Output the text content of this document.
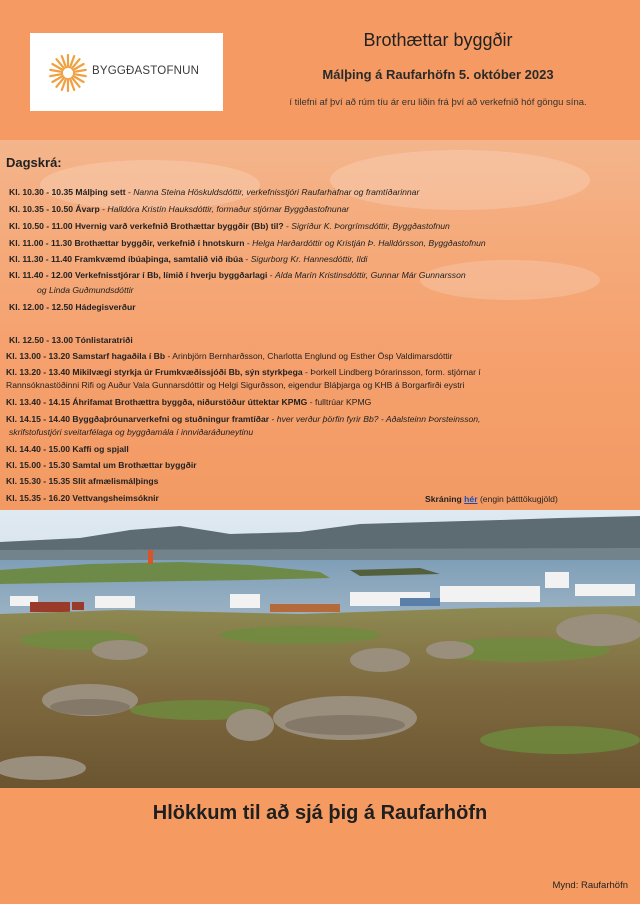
BYGGÐASTOFNUN
Brothættar byggðir
Málþing á Raufarhöfn 5. október 2023
í tilefni af því að rúm tíu ár eru liðin frá því að verkefnið hóf göngu sína.
Dagskrá:
Kl. 10.30 - 10.35 Málþing sett - Nanna Steina Höskuldsdóttir, verkefnisstjóri Raufarhafnar og framtíðarinnar
Kl. 10.35 - 10.50 Ávarp - Halldóra Kristín Hauksdóttir, formaður stjórnar Byggðastofnunar
Kl. 10.50 - 11.00 Hvernig varð verkefnið Brothættar byggðir (Bb) til? - Sigríður K. Þorgrímsdóttir, Byggðastofnun
Kl. 11.00 - 11.30 Brothættar byggðir, verkefnið í hnotskurn - Helga Harðardóttir og Kristján Þ. Halldórsson, Byggðastofnun
Kl. 11.30 - 11.40 Framkvæmd íbúaþinga, samtalið við íbúa - Sigurborg Kr. Hannesdóttir, Ildi
Kl. 11.40 - 12.00 Verkefnisstjórar í Bb, límið í hverju byggðarlagi - Alda Marín Kristinsdóttir, Gunnar Már Gunnarsson
og Linda Guðmundsdóttir
Kl. 12.00 - 12.50 Hádegisverður
Kl. 12.50 - 13.00 Tónlistaratriði
Kl. 13.00 - 13.20 Samstarf hagaðila í Bb - Arinbjörn Bernharðsson, Charlotta Englund og Esther Ösp Valdimarsdóttir
Kl. 13.20 - 13.40 Mikilvægi styrkja úr Frumkvæðissjóði Bb, sýn styrkþega - Þorkell Lindberg Þórarinsson, form. stjórnar í
Rannsóknastöðinni Rifi og Auður Vala Gunnarsdóttir og Helgi Sigurðsson, eigendur Bláþjarga og KHB á Borgarfirði eystri
Kl. 13.40 - 14.15 Áhrifamat Brothættra byggða, niðurstöður úttektar KPMG - fulltrúar KPMG
Kl. 14.15 - 14.40 Byggðaþróunarverkefni og stuðningur framtíðar - hver verður þörfin fyrir Bb? - Aðalsteinn Þorsteinsson,
skrifstofustjóri sveitarfélaga og byggðamála í innviðaráðuneytinu
Kl. 14.40 - 15.00 Kaffi og spjall
Kl. 15.00 - 15.30 Samtal um Brothættar byggðir
Kl. 15.30 - 15.35 Slit afmælismálþings
Kl. 15.35 - 16.20 Vettvangsheimsóknir	Skráning hér (engin þátttökugjöld)
Hlökkum til að sjá þig á Raufarhöfn
Mynd: Raufarhöfn
